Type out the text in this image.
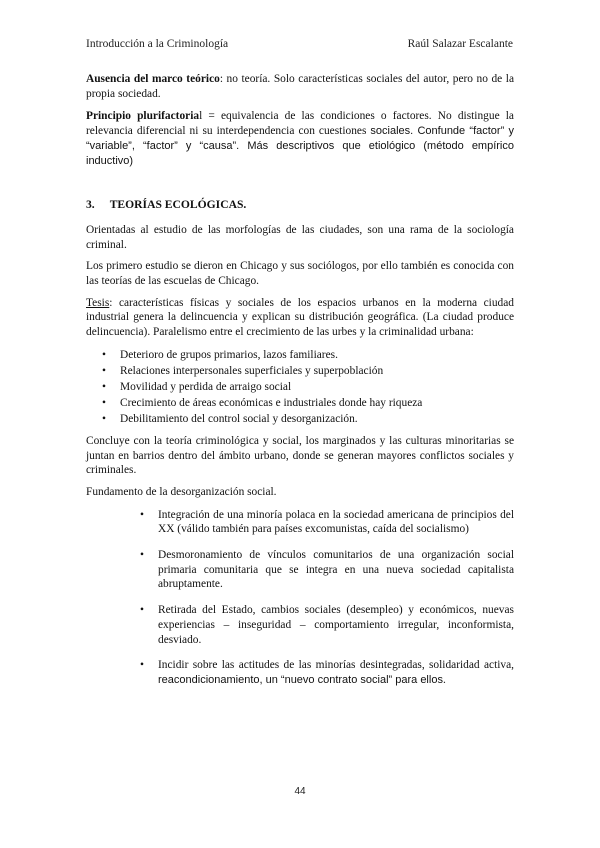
Introducción a la Criminología	Raúl Salazar Escalante

Ausencia del marco teórico: no teoría. Solo características sociales del autor, pero no de la propia sociedad.

Principio plurifactorial = equivalencia de las condiciones o factores. No distingue la relevancia diferencial ni su interdependencia con cuestiones sociales. Confunde “factor” y “variable”, “factor” y “causa”. Más descriptivos que etiológico (método empírico inductivo)

3. TEORÍAS ECOLÓGICAS.

Orientadas al estudio de las morfologías de las ciudades, son una rama de la sociología criminal.

Los primero estudio se dieron en Chicago y sus sociólogos, por ello también es conocida con las teorías de las escuelas de Chicago.

Tesis: características físicas y sociales de los espacios urbanos en la moderna ciudad industrial genera la delincuencia y explican su distribución geográfica. (La ciudad produce delincuencia). Paralelismo entre el crecimiento de las urbes y la criminalidad urbana:

• Deterioro de grupos primarios, lazos familiares.
• Relaciones interpersonales superficiales y superpoblación
• Movilidad y perdida de arraigo social
• Crecimiento de áreas económicas e industriales donde hay riqueza
• Debilitamiento del control social y desorganización.

Concluye con la teoría criminológica y social, los marginados y las culturas minoritarias se juntan en barrios dentro del ámbito urbano, donde se generan mayores conflictos sociales y criminales.

Fundamento de la desorganización social.

• Integración de una minoría polaca en la sociedad americana de principios del XX (válido también para países excomunistas, caída del socialismo)
• Desmoronamiento de vínculos comunitarios de una organización social primaria comunitaria que se integra en una nueva sociedad capitalista abruptamente.
• Retirada del Estado, cambios sociales (desempleo) y económicos, nuevas experiencias – inseguridad – comportamiento irregular, inconformista, desviado.
• Incidir sobre las actitudes de las minorías desintegradas, solidaridad activa, reacondicionamiento, un “nuevo contrato social” para ellos.
44
